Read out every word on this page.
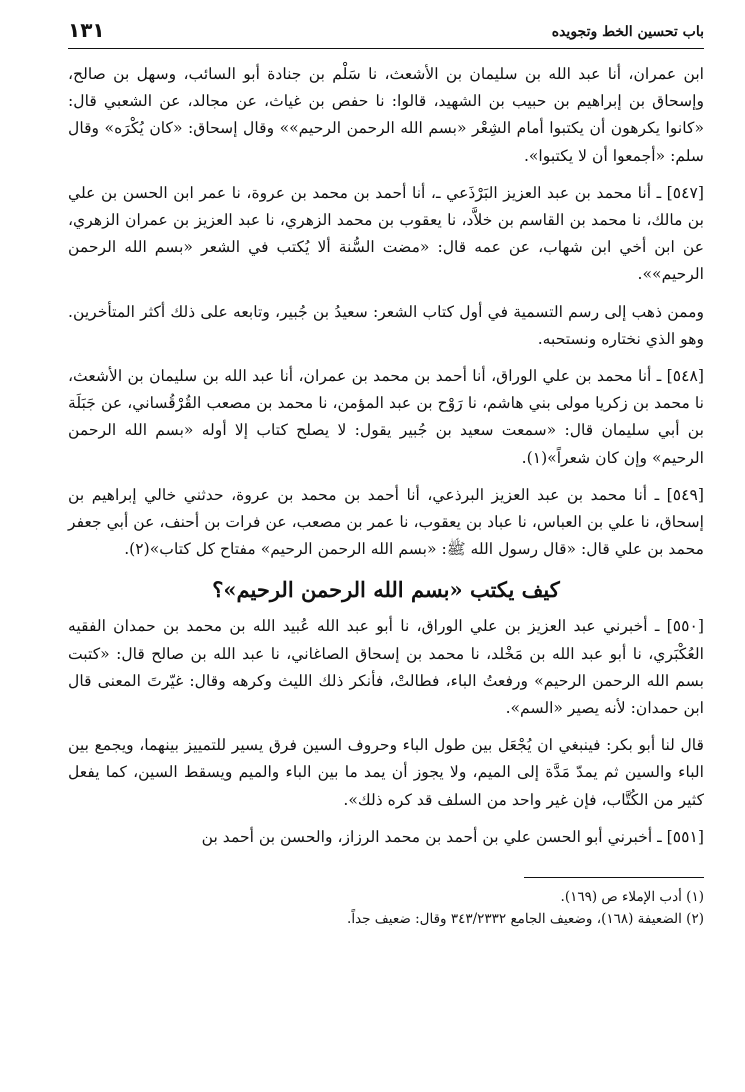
باب تحسين الخط وتجويده
١٣١

ابن عمران، أنا عبد الله بن سليمان بن الأشعث، نا سَلْم بن جنادة أبو السائب، وسهل بن صالح، وإسحاق بن إبراهيم بن حبيب بن الشهيد، قالوا: نا حفص بن غياث، عن مجالد، عن الشعبي قال: «كانوا يكرهون أن يكتبوا أمام الشِعْر «بسم الله الرحمن الرحيم»» وقال إسحاق: «كان يُكْرَه» وقال سلم: «أجمعوا أن لا يكتبوا».

[٥٤٧] ـ أنا محمد بن عبد العزيز البَرْذَعي ـ، أنا أحمد بن محمد بن عروة، نا عمر ابن الحسن بن علي بن مالك، نا محمد بن القاسم بن خلاَّد، نا يعقوب بن محمد الزهري، نا عبد العزيز بن عمران الزهري، عن ابن أخي ابن شهاب، عن عمه قال: «مضت السُّنة ألا يُكتب في الشعر «بسم الله الرحمن الرحيم»».

وممن ذهب إلى رسم التسمية في أول كتاب الشعر: سعيدُ بن جُبير، وتابعه على ذلك أكثر المتأخرين. وهو الذي نختاره ونستحبه.

[٥٤٨] ـ أنا محمد بن علي الوراق، أنا أحمد بن محمد بن عمران، أنا عبد الله بن سليمان بن الأشعث، نا محمد بن زكريا مولى بني هاشم، نا رَوْح بن عبد المؤمن، نا محمد بن مصعب القُرْقُساني، عن جَبَلَة بن أبي سليمان قال: «سمعت سعيد بن جُبير يقول: لا يصلح كتاب إلا أوله «بسم الله الرحمن الرحيم» وإن كان شعراً»(١).

[٥٤٩] ـ أنا محمد بن عبد العزيز البرذعي، أنا أحمد بن محمد بن عروة، حدثني خالي إبراهيم بن إسحاق، نا علي بن العباس، نا عباد بن يعقوب، نا عمر بن مصعب، عن فرات بن أحنف، عن أبي جعفر محمد بن علي قال: «قال رسول الله ﷺ: «بسم الله الرحمن الرحيم» مفتاح كل كتاب»(٢).

كيف يكتب «بسم الله الرحمن الرحيم»؟

[٥٥٠] ـ أخبرني عبد العزيز بن علي الوراق، نا أبو عبد الله عُبيد الله بن محمد بن حمدان الفقيه العُكْبَري، نا أبو عبد الله بن مَخْلد، نا محمد بن إسحاق الصاغاني، نا عبد الله بن صالح قال: «كتبت بسم الله الرحمن الرحيم» ورفعتُ الباء، فطالتْ، فأنكر ذلك الليث وكرهه وقال: غيّرتَ المعنى قال ابن حمدان: لأنه يصير «السم».

قال لنا أبو بكر: فينبغي ان يُجْعَل بين طول الباء وحروف السين فرق يسير للتمييز بينهما، ويجمع بين الباء والسين ثم يمدّ مَدَّة إلى الميم، ولا يجوز أن يمد ما بين الباء والميم ويسقط السين، كما يفعل كثير من الكُتَّاب، فإن غير واحد من السلف قد كره ذلك».

[٥٥١] ـ أخبرني أبو الحسن علي بن أحمد بن محمد الرزاز، والحسن بن أحمد بن

(١) أدب الإملاء ص (١٦٩).

(٢) الضعيفة (١٦٨)، وضعيف الجامع ٣٤٣/٢٣٣٢ وقال: ضعيف جداً.
